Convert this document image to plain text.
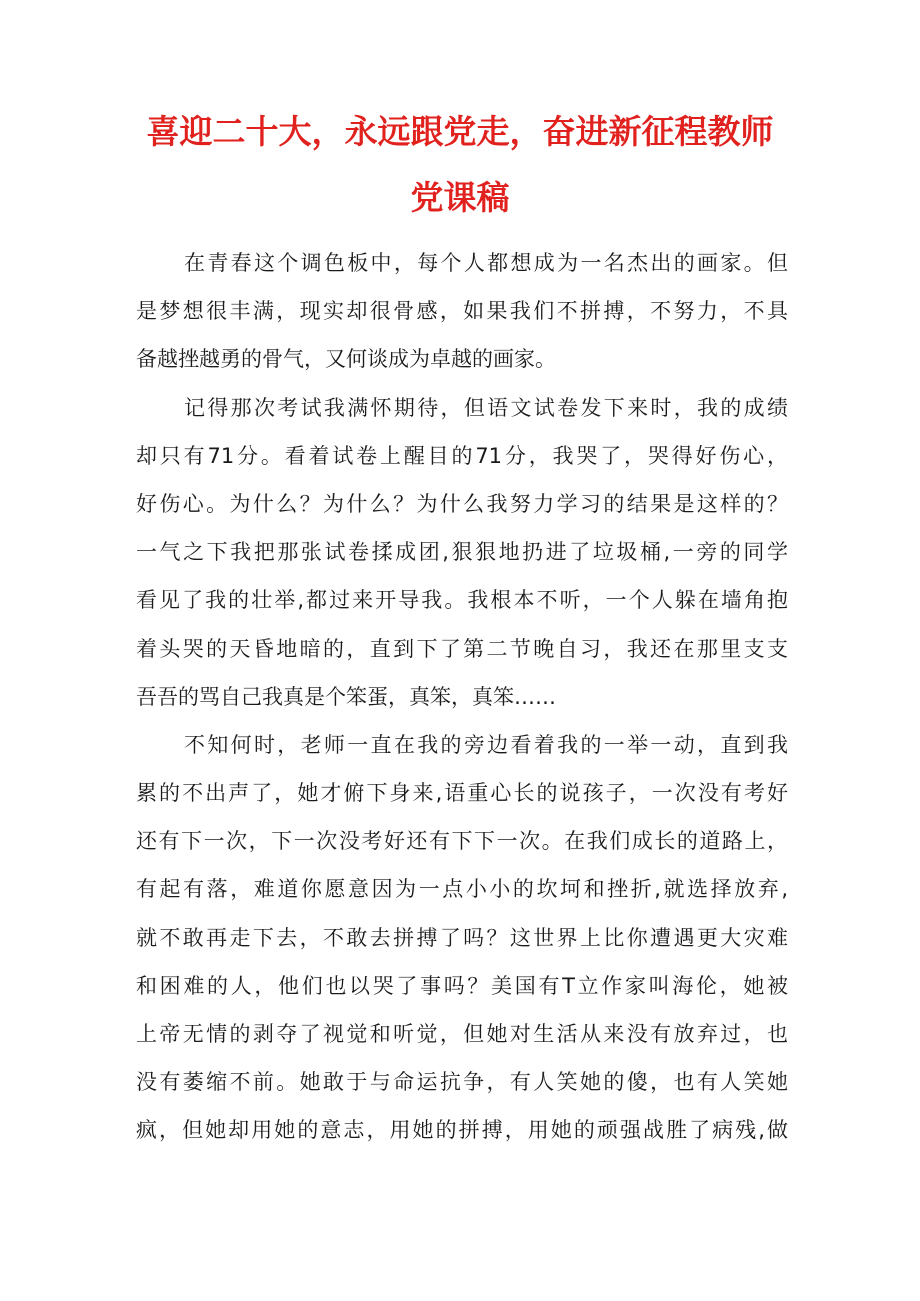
喜迎二十大，永远跟党走，奋进新征程教师
党课稿
在青春这个调色板中，每个人都想成为一名杰出的画家。但
是梦想很丰满，现实却很骨感，如果我们不拼搏，不努力，不具
备越挫越勇的骨气，又何谈成为卓越的画家。
记得那次考试我满怀期待，但语文试卷发下来时，我的成绩
却只有71分。看着试卷上醒目的71分，我哭了，哭得好伤心，
好伤心。为什么？为什么？为什么我努力学习的结果是这样的？
一气之下我把那张试卷揉成团,狠狠地扔进了垃圾桶,一旁的同学
看见了我的壮举,都过来开导我。我根本不听，一个人躲在墙角抱
着头哭的天昏地暗的，直到下了第二节晚自习，我还在那里支支
吾吾的骂自己我真是个笨蛋，真笨，真笨……
不知何时，老师一直在我的旁边看着我的一举一动，直到我
累的不出声了，她才俯下身来,语重心长的说孩子，一次没有考好
还有下一次，下一次没考好还有下下一次。在我们成长的道路上，
有起有落，难道你愿意因为一点小小的坎坷和挫折,就选择放弃,
就不敢再走下去，不敢去拼搏了吗？这世界上比你遭遇更大灾难
和困难的人，他们也以哭了事吗？美国有T立作家叫海伦，她被
上帝无情的剥夺了视觉和听觉，但她对生活从来没有放弃过，也
没有萎缩不前。她敢于与命运抗争，有人笑她的傻，也有人笑她
疯，但她却用她的意志，用她的拼搏，用她的顽强战胜了病残,做
